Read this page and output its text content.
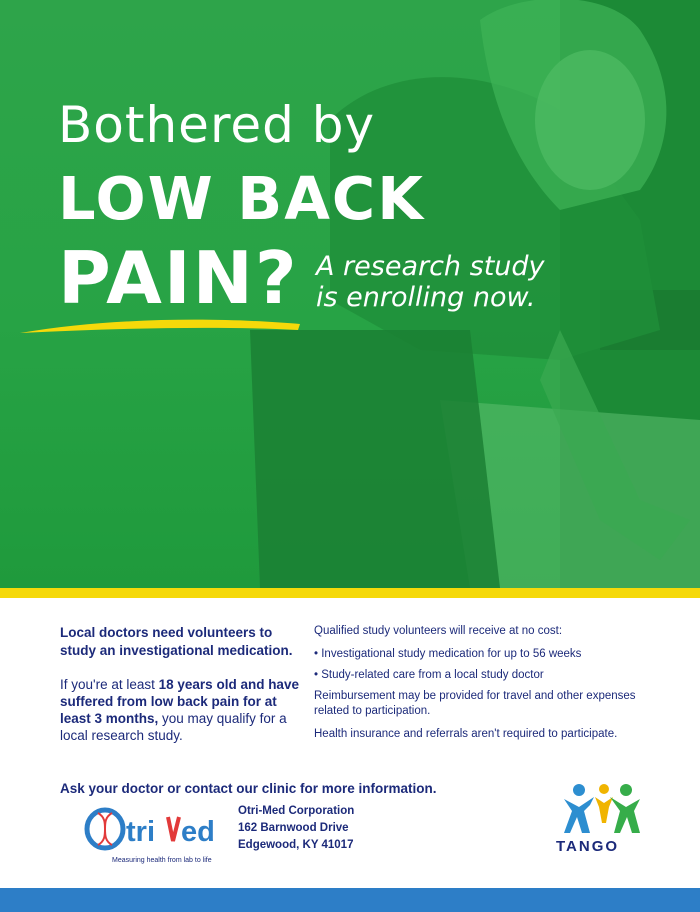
Bothered by
LOW BACK
PAIN? A research study
is enrolling now.
Local doctors need volunteers to study an investigational medication.
If you're at least 18 years old and have suffered from low back pain for at least 3 months, you may qualify for a local research study.

Qualified study volunteers will receive at no cost:

• Investigational study medication for up to 56 weeks
• Study-related care from a local study doctor

Reimbursement may be provided for travel and other expenses related to participation.

Health insurance and referrals aren't required to participate.

Ask your doctor or contact our clinic for more information.
tri ed
Measuring health from lab to life
Otri-Med Corporation
162 Barnwood Drive
Edgewood, KY 41017	TANGO
